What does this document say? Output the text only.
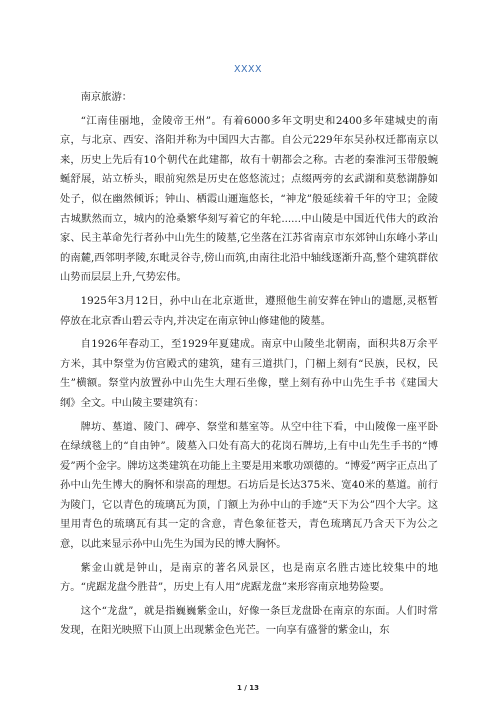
XXXX

南京旅游：

“江南佳丽地，金陵帝王州”。有着6000多年文明史和2400多年建城史的南京，与北京、西安、洛阳并称为中国四大古都。自公元229年东吴孙权迁都南京以来，历史上先后有10个朝代在此建都，故有十朝都会之称。古老的秦淮河玉带般蜿蜒舒展，站立桥头，眼前宛然是历史在悠悠流过；点缀两旁的玄武湖和莫愁湖静如处子，似在幽然倾诉；钟山、栖霞山逦迤悠长，“神龙”般延续着千年的守卫；金陵古城默然而立，城内的沧桑繁华刻写着它的年轮......中山陵是中国近代伟大的政治家、民主革命先行者孙中山先生的陵墓,它坐落在江苏省南京市东郊钟山东峰小茅山的南麓,西邻明孝陵,东毗灵谷寺,傍山而筑,由南往北沿中轴线逐渐升高,整个建筑群依山势而层层上升,气势宏伟。

1925年3月12日，孙中山在北京逝世，遵照他生前安葬在钟山的遗愿,灵柩暂停放在北京香山碧云寺内,并决定在南京钟山修建他的陵墓。

自1926年春动工，至1929年夏建成。南京中山陵坐北朝南，面积共8万余平方米，其中祭堂为仿宫殿式的建筑，建有三道拱门，门楣上刻有“民族，民权，民生”横额。祭堂内放置孙中山先生大理石坐像，壁上刻有孙中山先生手书《建国大纲》全文。中山陵主要建筑有：

牌坊、墓道、陵门、碑亭、祭堂和墓室等。从空中往下看，中山陵像一座平卧在绿绒毯上的“自由钟”。陵墓入口处有高大的花岗石牌坊,上有中山先生手书的“博爱”两个金字。牌坊这类建筑在功能上主要是用来歌功颂德的。“博爱”两字正点出了孙中山先生博大的胸怀和崇高的理想。石坊后是长达375米、宽40米的墓道。前行为陵门，它以青色的琉璃瓦为顶，门额上为孙中山的手迹“天下为公”四个大字。这里用青色的琉璃瓦有其一定的含意，青色象征苍天，青色琉璃瓦乃含天下为公之意，以此来显示孙中山先生为国为民的博大胸怀。

紫金山就是钟山，是南京的著名风景区，也是南京名胜古迹比较集中的地方。“虎踞龙盘今胜昔”，历史上有人用“虎踞龙盘”来形容南京地势险要。

这个“龙盘”，就是指巍巍紫金山，好像一条巨龙盘卧在南京的东面。人们时常发现，在阳光映照下山顶上出现紫金色光芒。一向享有盛誉的紫金山，东

1 / 13
